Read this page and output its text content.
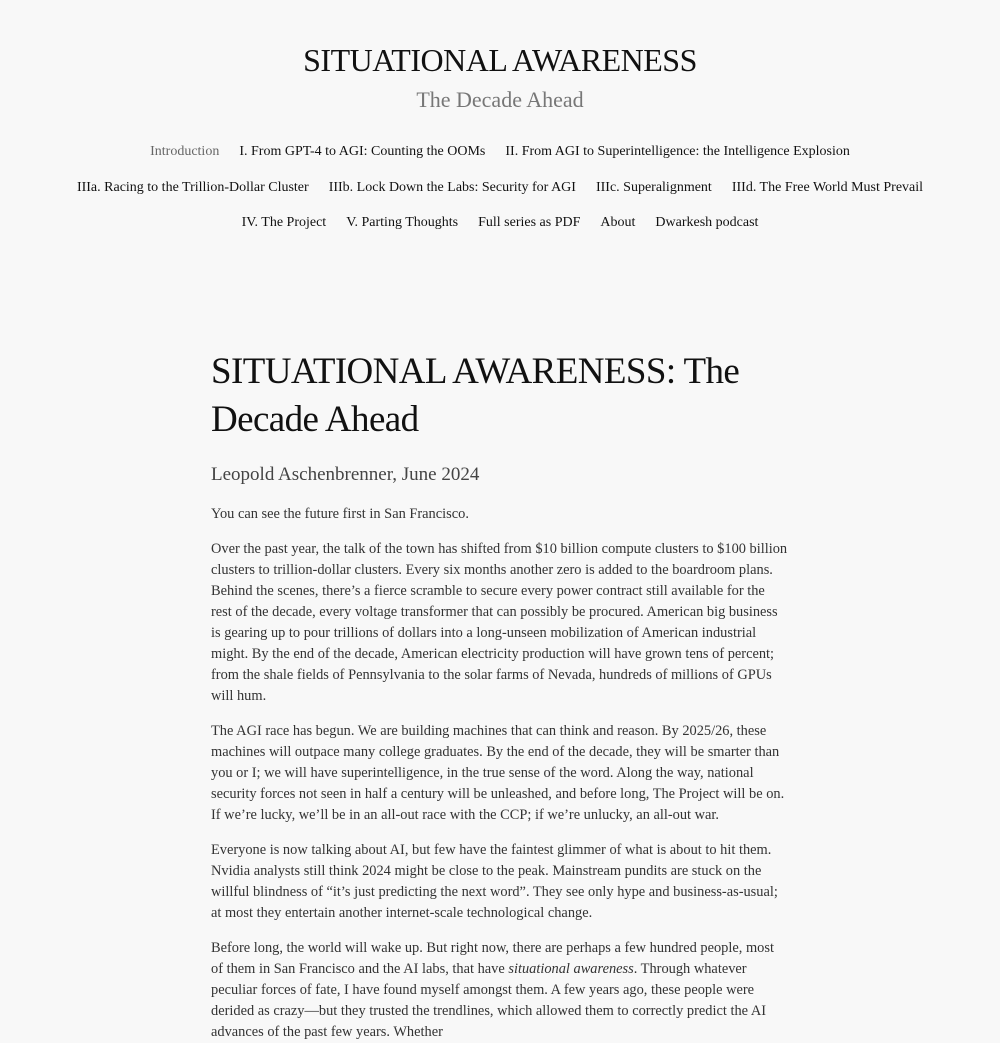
SITUATIONAL AWARENESS
The Decade Ahead
Introduction I. From GPT-4 to AGI: Counting the OOMs II. From AGI to Superintelligence: the Intelligence Explosion
IIIa. Racing to the Trillion-Dollar Cluster IIIb. Lock Down the Labs: Security for AGI IIIc. Superalignment IIId. The Free World Must Prevail
IV. The Project V. Parting Thoughts Full series as PDF About Dwarkesh podcast
SITUATIONAL AWARENESS: The Decade Ahead
Leopold Aschenbrenner, June 2024

You can see the future first in San Francisco.

Over the past year, the talk of the town has shifted from $10 billion compute clusters to $100 billion clusters to trillion-dollar clusters. Every six months another zero is added to the boardroom plans. Behind the scenes, there’s a fierce scramble to secure every power contract still available for the rest of the decade, every voltage transformer that can possibly be procured. American big business is gearing up to pour trillions of dollars into a long-unseen mobilization of American industrial might. By the end of the decade, American electricity production will have grown tens of percent; from the shale fields of Pennsylvania to the solar farms of Nevada, hundreds of millions of GPUs will hum.

The AGI race has begun. We are building machines that can think and reason. By 2025/26, these machines will outpace many college graduates. By the end of the decade, they will be smarter than you or I; we will have superintelligence, in the true sense of the word. Along the way, national security forces not seen in half a century will be unleashed, and before long, The Project will be on. If we’re lucky, we’ll be in an all-out race with the CCP; if we’re unlucky, an all-out war.

Everyone is now talking about AI, but few have the faintest glimmer of what is about to hit them. Nvidia analysts still think 2024 might be close to the peak. Mainstream pundits are stuck on the willful blindness of “it’s just predicting the next word”. They see only hype and business-as-usual; at most they entertain another internet-scale technological change.

Before long, the world will wake up. But right now, there are perhaps a few hundred people, most of them in San Francisco and the AI labs, that have situational awareness. Through whatever peculiar forces of fate, I have found myself amongst them. A few years ago, these people were derided as crazy—but they trusted the trendlines, which allowed them to correctly predict the AI advances of the past few years. Whether
